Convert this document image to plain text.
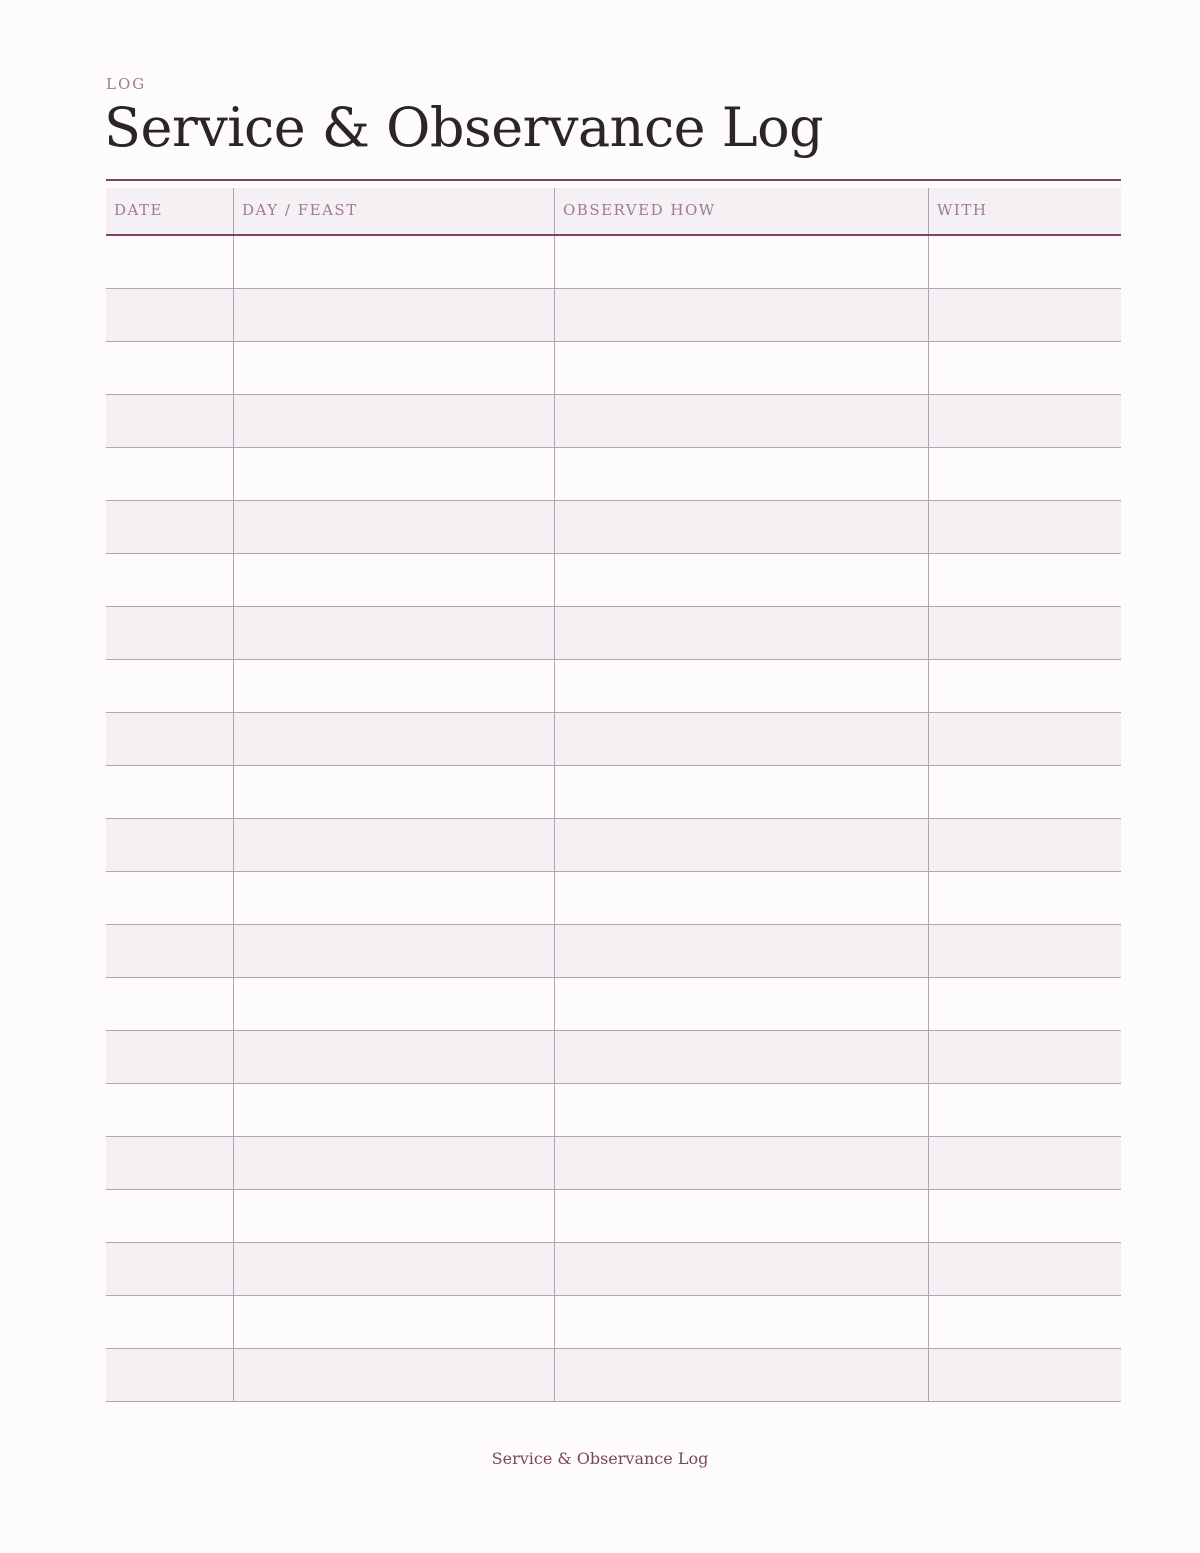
LOG
Service & Observance Log
DATE	DAY / FEAST	OBSERVED HOW	WITH
Service & Observance Log
